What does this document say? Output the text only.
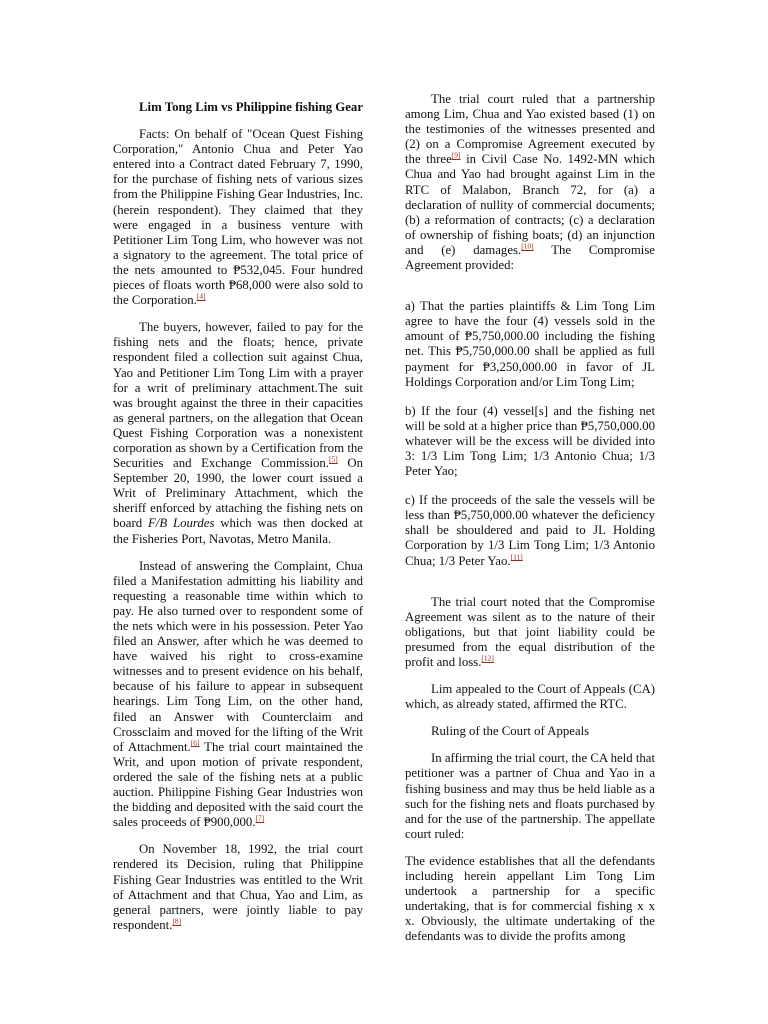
Lim Tong Lim vs Philippine fishing Gear

Facts: On behalf of "Ocean Quest Fishing Corporation," Antonio Chua and Peter Yao entered into a Contract dated February 7, 1990, for the purchase of fishing nets of various sizes from the Philippine Fishing Gear Industries, Inc. (herein respondent). They claimed that they were engaged in a business venture with Petitioner Lim Tong Lim, who however was not a signatory to the agreement. The total price of the nets amounted to ₱532,045. Four hundred pieces of floats worth ₱68,000 were also sold to the Corporation.[4]

The buyers, however, failed to pay for the fishing nets and the floats; hence, private respondent filed a collection suit against Chua, Yao and Petitioner Lim Tong Lim with a prayer for a writ of preliminary attachment.The suit was brought against the three in their capacities as general partners, on the allegation that Ocean Quest Fishing Corporation was a nonexistent corporation as shown by a Certification from the Securities and Exchange Commission.[5] On September 20, 1990, the lower court issued a Writ of Preliminary Attachment, which the sheriff enforced by attaching the fishing nets on board F/B Lourdes which was then docked at the Fisheries Port, Navotas, Metro Manila.

Instead of answering the Complaint, Chua filed a Manifestation admitting his liability and requesting a reasonable time within which to pay. He also turned over to respondent some of the nets which were in his possession. Peter Yao filed an Answer, after which he was deemed to have waived his right to cross-examine witnesses and to present evidence on his behalf, because of his failure to appear in subsequent hearings. Lim Tong Lim, on the other hand, filed an Answer with Counterclaim and Crossclaim and moved for the lifting of the Writ of Attachment.[6] The trial court maintained the Writ, and upon motion of private respondent, ordered the sale of the fishing nets at a public auction. Philippine Fishing Gear Industries won the bidding and deposited with the said court the sales proceeds of ₱900,000.[7]

On November 18, 1992, the trial court rendered its Decision, ruling that Philippine Fishing Gear Industries was entitled to the Writ of Attachment and that Chua, Yao and Lim, as general partners, were jointly liable to pay respondent.[8]

The trial court ruled that a partnership among Lim, Chua and Yao existed based (1) on the testimonies of the witnesses presented and (2) on a Compromise Agreement executed by the three[9] in Civil Case No. 1492-MN which Chua and Yao had brought against Lim in the RTC of Malabon, Branch 72, for (a) a declaration of nullity of commercial documents; (b) a reformation of contracts; (c) a declaration of ownership of fishing boats; (d) an injunction and (e) damages.[10] The Compromise Agreement provided:

a) That the parties plaintiffs & Lim Tong Lim agree to have the four (4) vessels sold in the amount of ₱5,750,000.00 including the fishing net. This ₱5,750,000.00 shall be applied as full payment for ₱3,250,000.00 in favor of JL Holdings Corporation and/or Lim Tong Lim;

b) If the four (4) vessel[s] and the fishing net will be sold at a higher price than ₱5,750,000.00 whatever will be the excess will be divided into 3: 1/3 Lim Tong Lim; 1/3 Antonio Chua; 1/3 Peter Yao;

c) If the proceeds of the sale the vessels will be less than ₱5,750,000.00 whatever the deficiency shall be shouldered and paid to JL Holding Corporation by 1/3 Lim Tong Lim; 1/3 Antonio Chua; 1/3 Peter Yao.[11]

The trial court noted that the Compromise Agreement was silent as to the nature of their obligations, but that joint liability could be presumed from the equal distribution of the profit and loss.[12]

Lim appealed to the Court of Appeals (CA) which, as already stated, affirmed the RTC.

Ruling of the Court of Appeals

In affirming the trial court, the CA held that petitioner was a partner of Chua and Yao in a fishing business and may thus be held liable as a such for the fishing nets and floats purchased by and for the use of the partnership. The appellate court ruled:

The evidence establishes that all the defendants including herein appellant Lim Tong Lim undertook a partnership for a specific undertaking, that is for commercial fishing x x x. Obviously, the ultimate undertaking of the defendants was to divide the profits among
